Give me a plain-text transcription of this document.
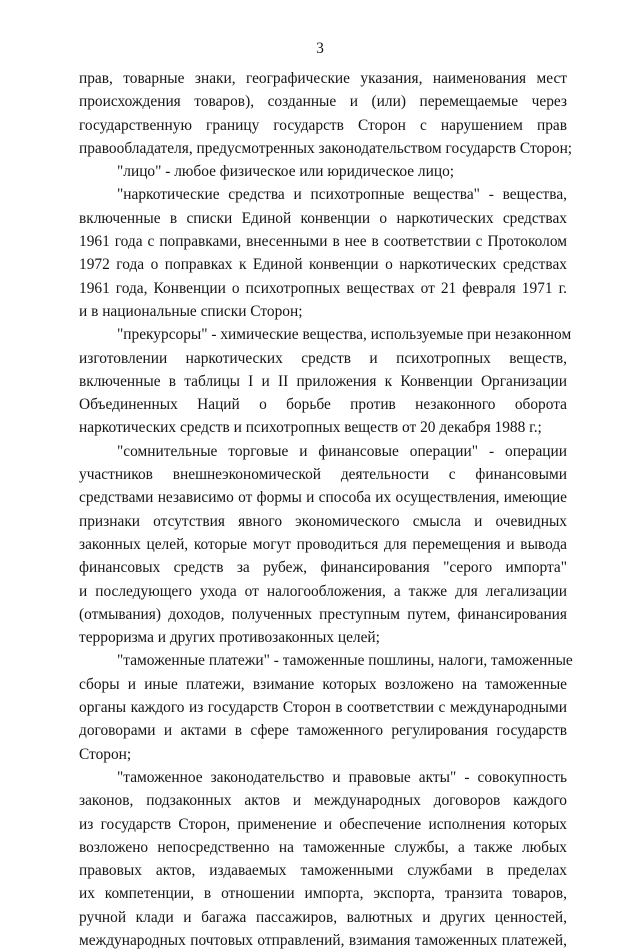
3
прав, товарные знаки, географические указания, наименования мест
происхождения товаров), созданные и (или) перемещаемые через
государственную границу государств Сторон с нарушением прав
правообладателя, предусмотренных законодательством государств Сторон;
"лицо" - любое физическое или юридическое лицо;
"наркотические средства и психотропные вещества" - вещества,
включенные в списки Единой конвенции о наркотических средствах
1961 года с поправками, внесенными в нее в соответствии с Протоколом
1972 года о поправках к Единой конвенции о наркотических средствах
1961 года, Конвенции о психотропных веществах от 21 февраля 1971 г.
и в национальные списки Сторон;
"прекурсоры" - химические вещества, используемые при незаконном
изготовлении наркотических средств и психотропных веществ,
включенные в таблицы I и II приложения к Конвенции Организации
Объединенных Наций о борьбе против незаконного оборота
наркотических средств и психотропных веществ от 20 декабря 1988 г.;
"сомнительные торговые и финансовые операции" - операции
участников внешнеэкономической деятельности с финансовыми
средствами независимо от формы и способа их осуществления, имеющие
признаки отсутствия явного экономического смысла и очевидных
законных целей, которые могут проводиться для перемещения и вывода
финансовых средств за рубеж, финансирования "серого импорта"
и последующего ухода от налогообложения, а также для легализации
(отмывания) доходов, полученных преступным путем, финансирования
терроризма и других противозаконных целей;
"таможенные платежи" - таможенные пошлины, налоги, таможенные
сборы и иные платежи, взимание которых возложено на таможенные
органы каждого из государств Сторон в соответствии с международными
договорами и актами в сфере таможенного регулирования государств
Сторон;
"таможенное законодательство и правовые акты" - совокупность
законов, подзаконных актов и международных договоров каждого
из государств Сторон, применение и обеспечение исполнения которых
возложено непосредственно на таможенные службы, а также любых
правовых актов, издаваемых таможенными службами в пределах
их компетенции, в отношении импорта, экспорта, транзита товаров,
ручной клади и багажа пассажиров, валютных и других ценностей,
международных почтовых отправлений, взимания таможенных платежей,
